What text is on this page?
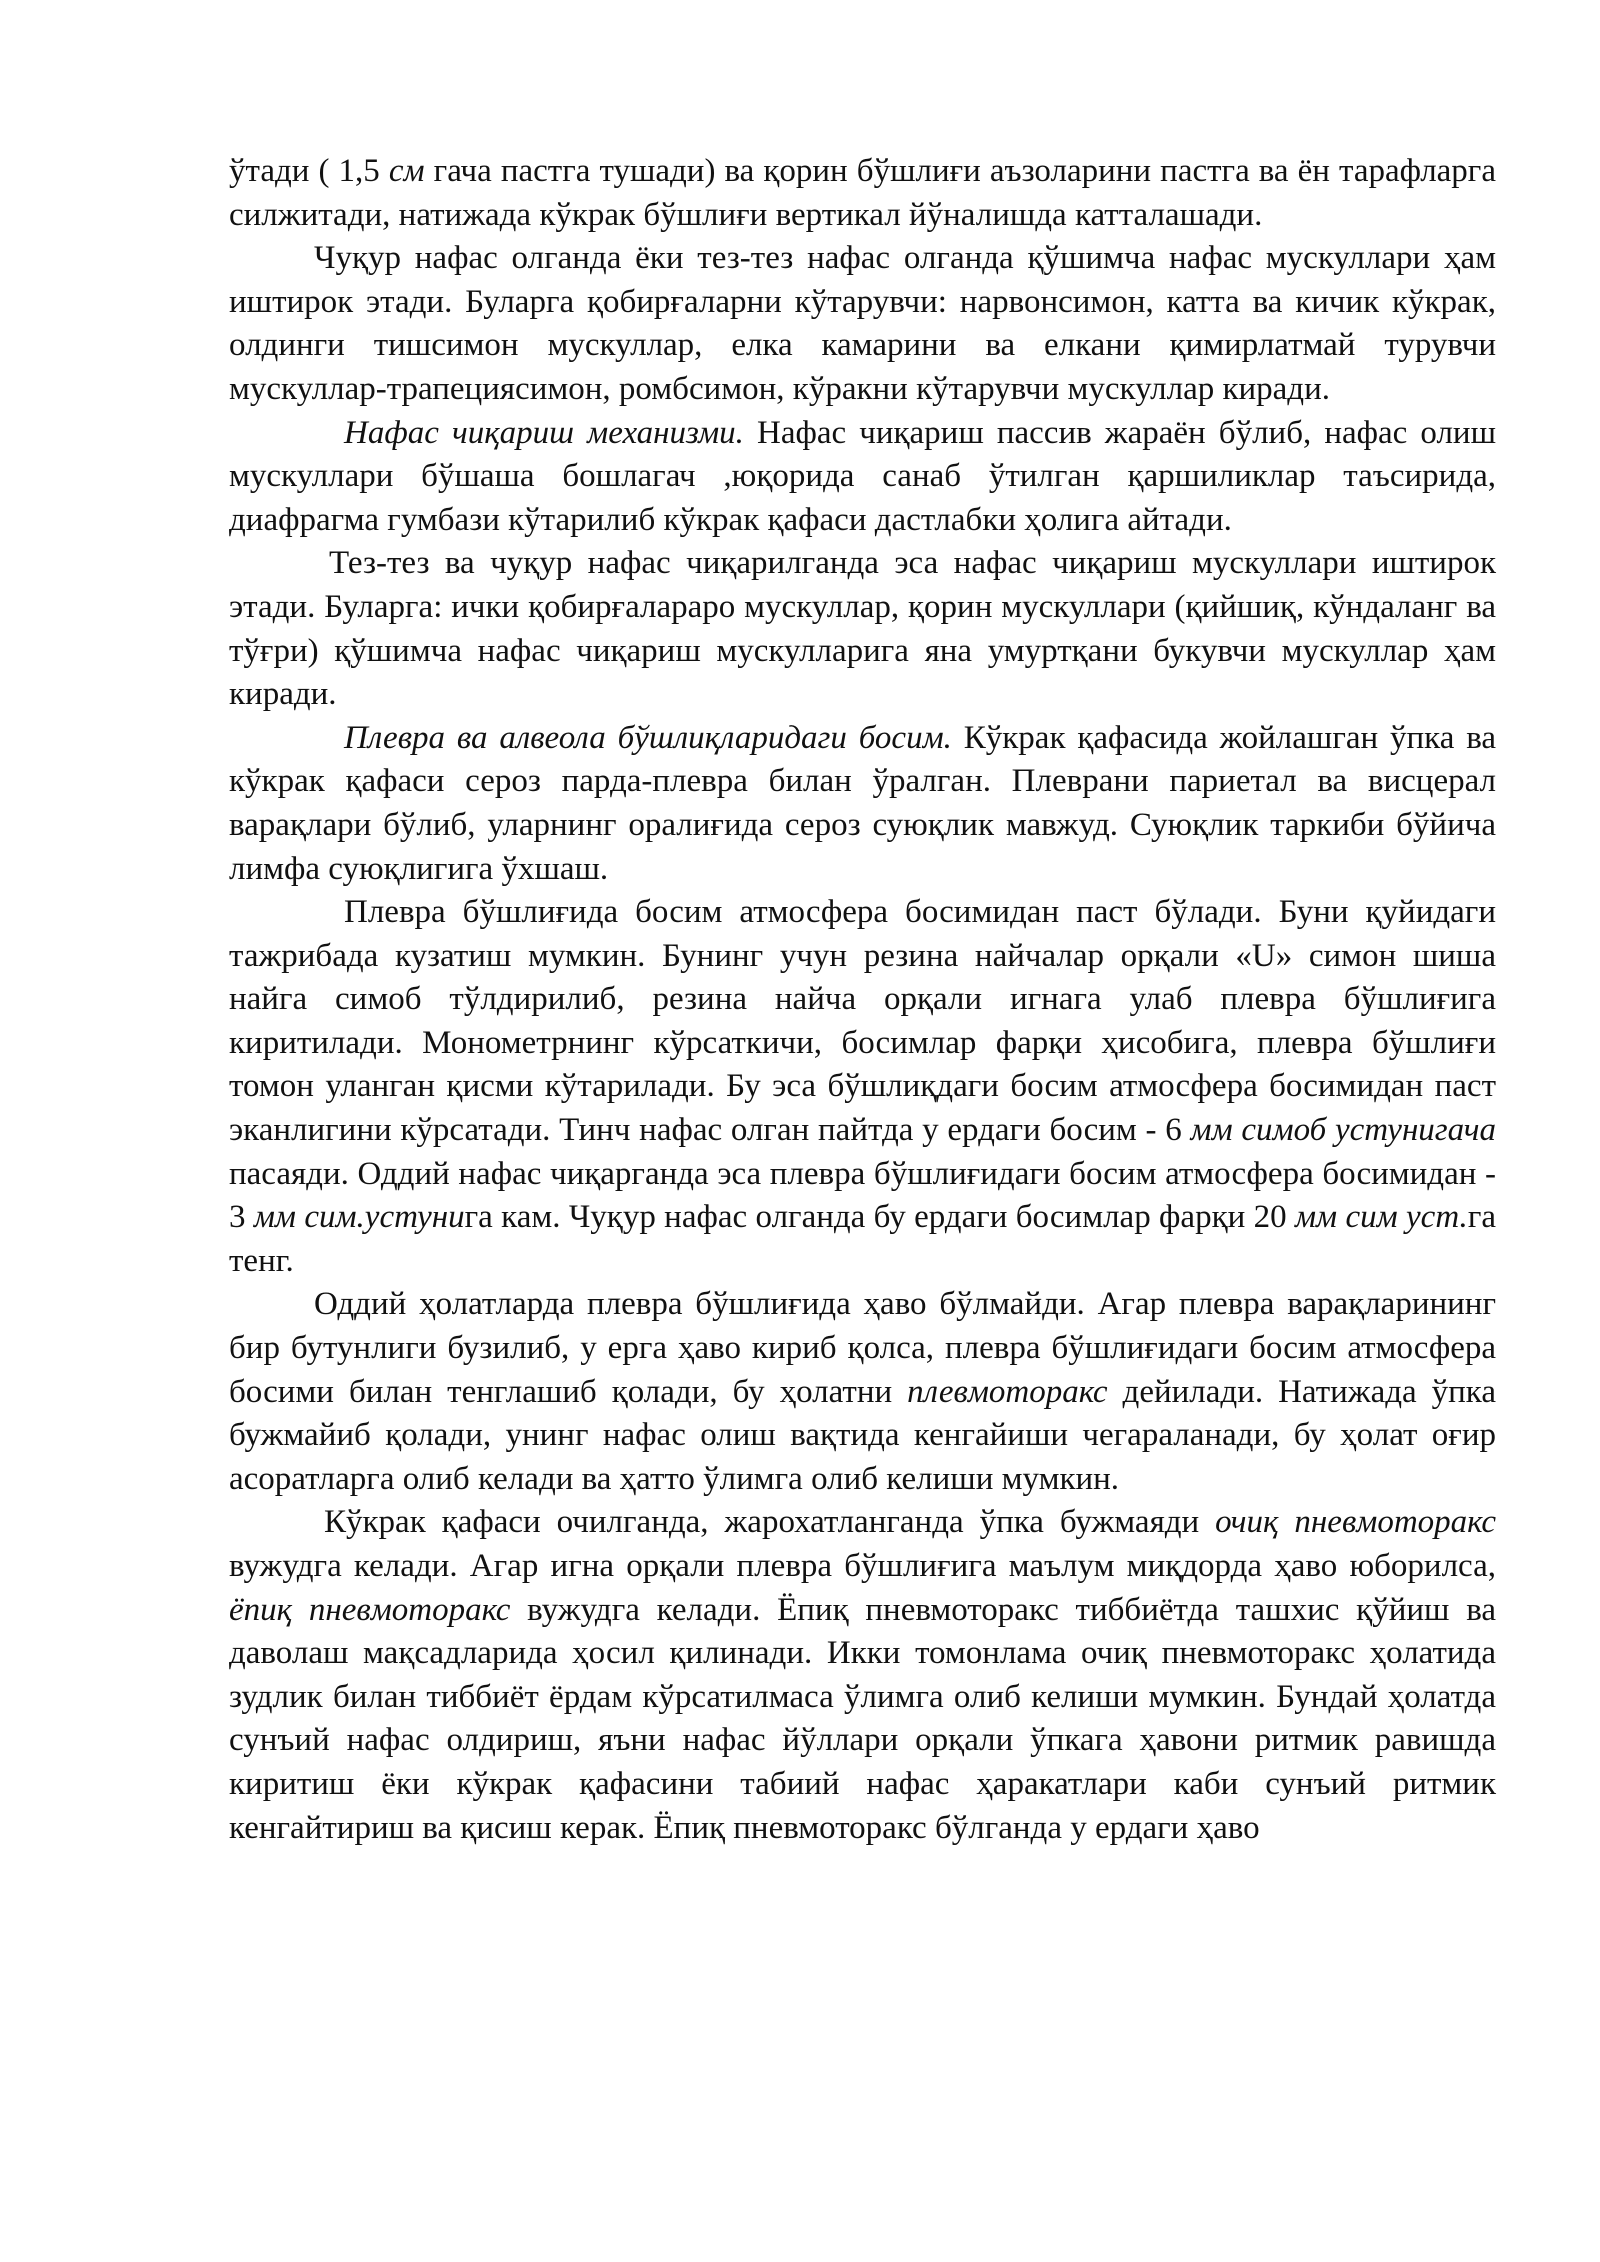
ўтади ( 1,5 см гача пастга тушади) ва қорин бўшлиғи аъзоларини пастга ва ён тарафларга силжитади, натижада кўкрак бўшлиғи вертикал йўналишда катталашади.

Чуқур нафас олганда ёки тез-тез нафас олганда қўшимча нафас мускуллари ҳам иштирок этади. Буларга қобирғаларни кўтарувчи: нарвонсимон, катта ва кичик кўкрак, олдинги тишсимон мускуллар, елка камарини ва елкани қимирлатмай турувчи мускуллар-трапециясимон, ромбсимон, кўракни кўтарувчи мускуллар киради.

Нафас чиқариш механизми. Нафас чиқариш пассив жараён бўлиб, нафас олиш мускуллари бўшаша бошлагач ,юқорида санаб ўтилган қаршиликлар таъсирида, диафрагма гумбази кўтарилиб кўкрак қафаси дастлабки ҳолига айтади.

Тез-тез ва чуқур нафас чиқарилганда эса нафас чиқариш мускуллари иштирок этади. Буларга: ички қобирғалараро мускуллар, қорин мускуллари (қийшиқ, кўндаланг ва тўғри) қўшимча нафас чиқариш мускулларига яна умуртқани букувчи мускуллар ҳам киради.

Плевра ва алвеола бўшлиқларидаги босим. Кўкрак қафасида жойлашган ўпка ва кўкрак қафаси сероз парда-плевра билан ўралган. Плеврани париетал ва висцерал варақлари бўлиб, уларнинг оралиғида сероз суюқлик мавжуд. Суюқлик таркиби бўйича лимфа суюқлигига ўхшаш.

Плевра бўшлиғида босим атмосфера босимидан паст бўлади. Буни қуйидаги тажрибада кузатиш мумкин. Бунинг учун резина найчалар орқали «U» симон шиша найга симоб тўлдирилиб, резина найча орқали игнага улаб плевра бўшлиғига киритилади. Монометрнинг кўрсаткичи, босимлар фарқи ҳисобига, плевра бўшлиғи томон уланган қисми кўтарилади. Бу эса бўшлиқдаги босим атмосфера босимидан паст эканлигини кўрсатади. Тинч нафас олган пайтда у ердаги босим - 6 мм симоб устунигача пасаяди. Оддий нафас чиқарганда эса плевра бўшлиғидаги босим атмосфера босимидан - 3 мм сим.устунига кам. Чуқур нафас олганда бу ердаги босимлар фарқи 20 мм сим уст.га тенг.

Оддий ҳолатларда плевра бўшлиғида ҳаво бўлмайди. Агар плевра варақларининг бир бутунлиги бузилиб, у ерга ҳаво кириб қолса, плевра бўшлиғидаги босим атмосфера босими билан тенглашиб қолади, бу ҳолатни плевмоторакс дейилади. Натижада ўпка бужмайиб қолади, унинг нафас олиш вақтида кенгайиши чегараланади, бу ҳолат оғир асоратларга олиб келади ва ҳатто ўлимга олиб келиши мумкин.

Кўкрак қафаси очилганда, жарохатланганда ўпка бужмаяди очиқ пневмоторакс вужудга келади. Агар игна орқали плевра бўшлиғига маълум миқдорда ҳаво юборилса, ёпиқ пневмоторакс вужудга келади. Ёпиқ пневмоторакс тиббиётда ташхис қўйиш ва даволаш мақсадларида ҳосил қилинади. Икки томонлама очиқ пневмоторакс ҳолатида зудлик билан тиббиёт ёрдам кўрсатилмаса ўлимга олиб келиши мумкин. Бундай ҳолатда сунъий нафас олдириш, яъни нафас йўллари орқали ўпкага ҳавони ритмик равишда киритиш ёки кўкрак қафасини табиий нафас ҳаракатлари каби сунъий ритмик кенгайтириш ва қисиш керак. Ёпиқ пневмоторакс бўлганда у ердаги ҳаво
